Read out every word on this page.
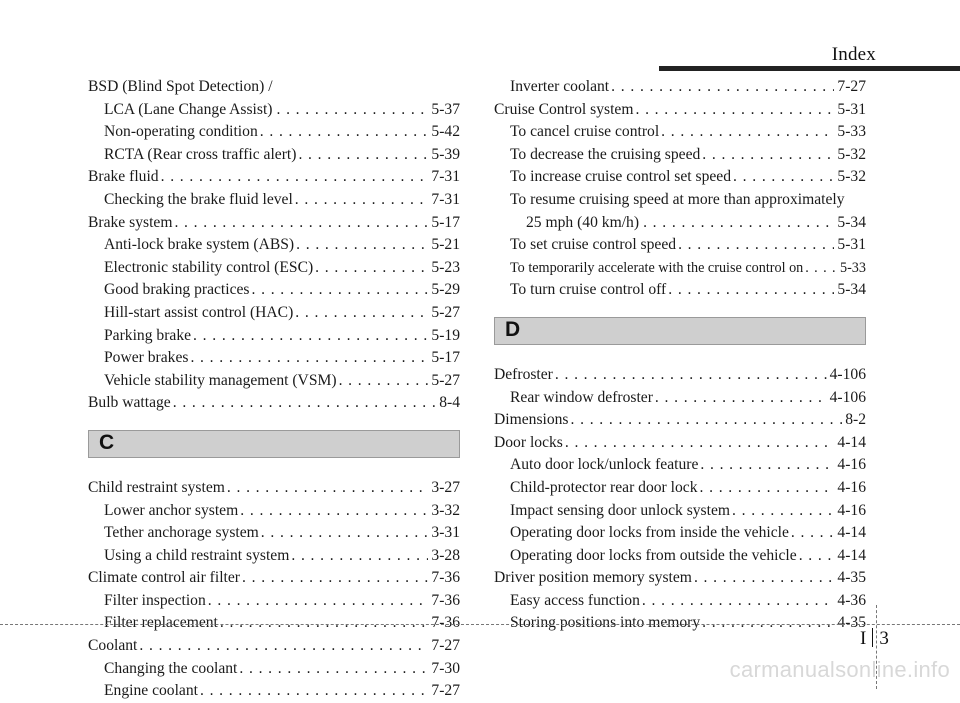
Index
BSD (Blind Spot Detection) /
LCA (Lane Change Assist) . . .	5-37
Non-operating condition . . .	5-42
RCTA (Rear cross traffic alert) . . .	5-39
Brake fluid . . .	7-31
Checking the brake fluid level . . .	7-31
Brake system . . .	5-17
Anti-lock brake system (ABS) . . .	5-21
Electronic stability control (ESC) . . .	5-23
Good braking practices . . .	5-29
Hill-start assist control (HAC) . . .	5-27
Parking brake . . .	5-19
Power brakes . . .	5-17
Vehicle stability management (VSM) . . .	5-27
Bulb wattage . . .	8-4
C
Child restraint system . . .	3-27
Lower anchor system . . .	3-32
Tether anchorage system . . .	3-31
Using a child restraint system . . .	3-28
Climate control air filter . . .	7-36
Filter inspection . . .	7-36
Filter replacement . . .	7-36
Coolant . . .	7-27
Changing the coolant . . .	7-30
Engine coolant . . .	7-27
Inverter coolant . . .	7-27
Cruise Control system . . .	5-31
To cancel cruise control . . .	5-33
To decrease the cruising speed . . .	5-32
To increase cruise control set speed . . .	5-32
To resume cruising speed at more than approximately
25 mph (40 km/h) . . .	5-34
To set cruise control speed . . .	5-31
To temporarily accelerate with the cruise control on . . .	5-33
To turn cruise control off . . .	5-34
D
Defroster . . .	4-106
Rear window defroster . . .	4-106
Dimensions . . .	8-2
Door locks . . .	4-14
Auto door lock/unlock feature . . .	4-16
Child-protector rear door lock . . .	4-16
Impact sensing door unlock system . . .	4-16
Operating door locks from inside the vehicle . . .	4-14
Operating door locks from outside the vehicle . . .	4-14
Driver position memory system . . .	4-35
Easy access function . . .	4-36
Storing positions into memory . . .	4-35
I 3
carmanualsonline.info
